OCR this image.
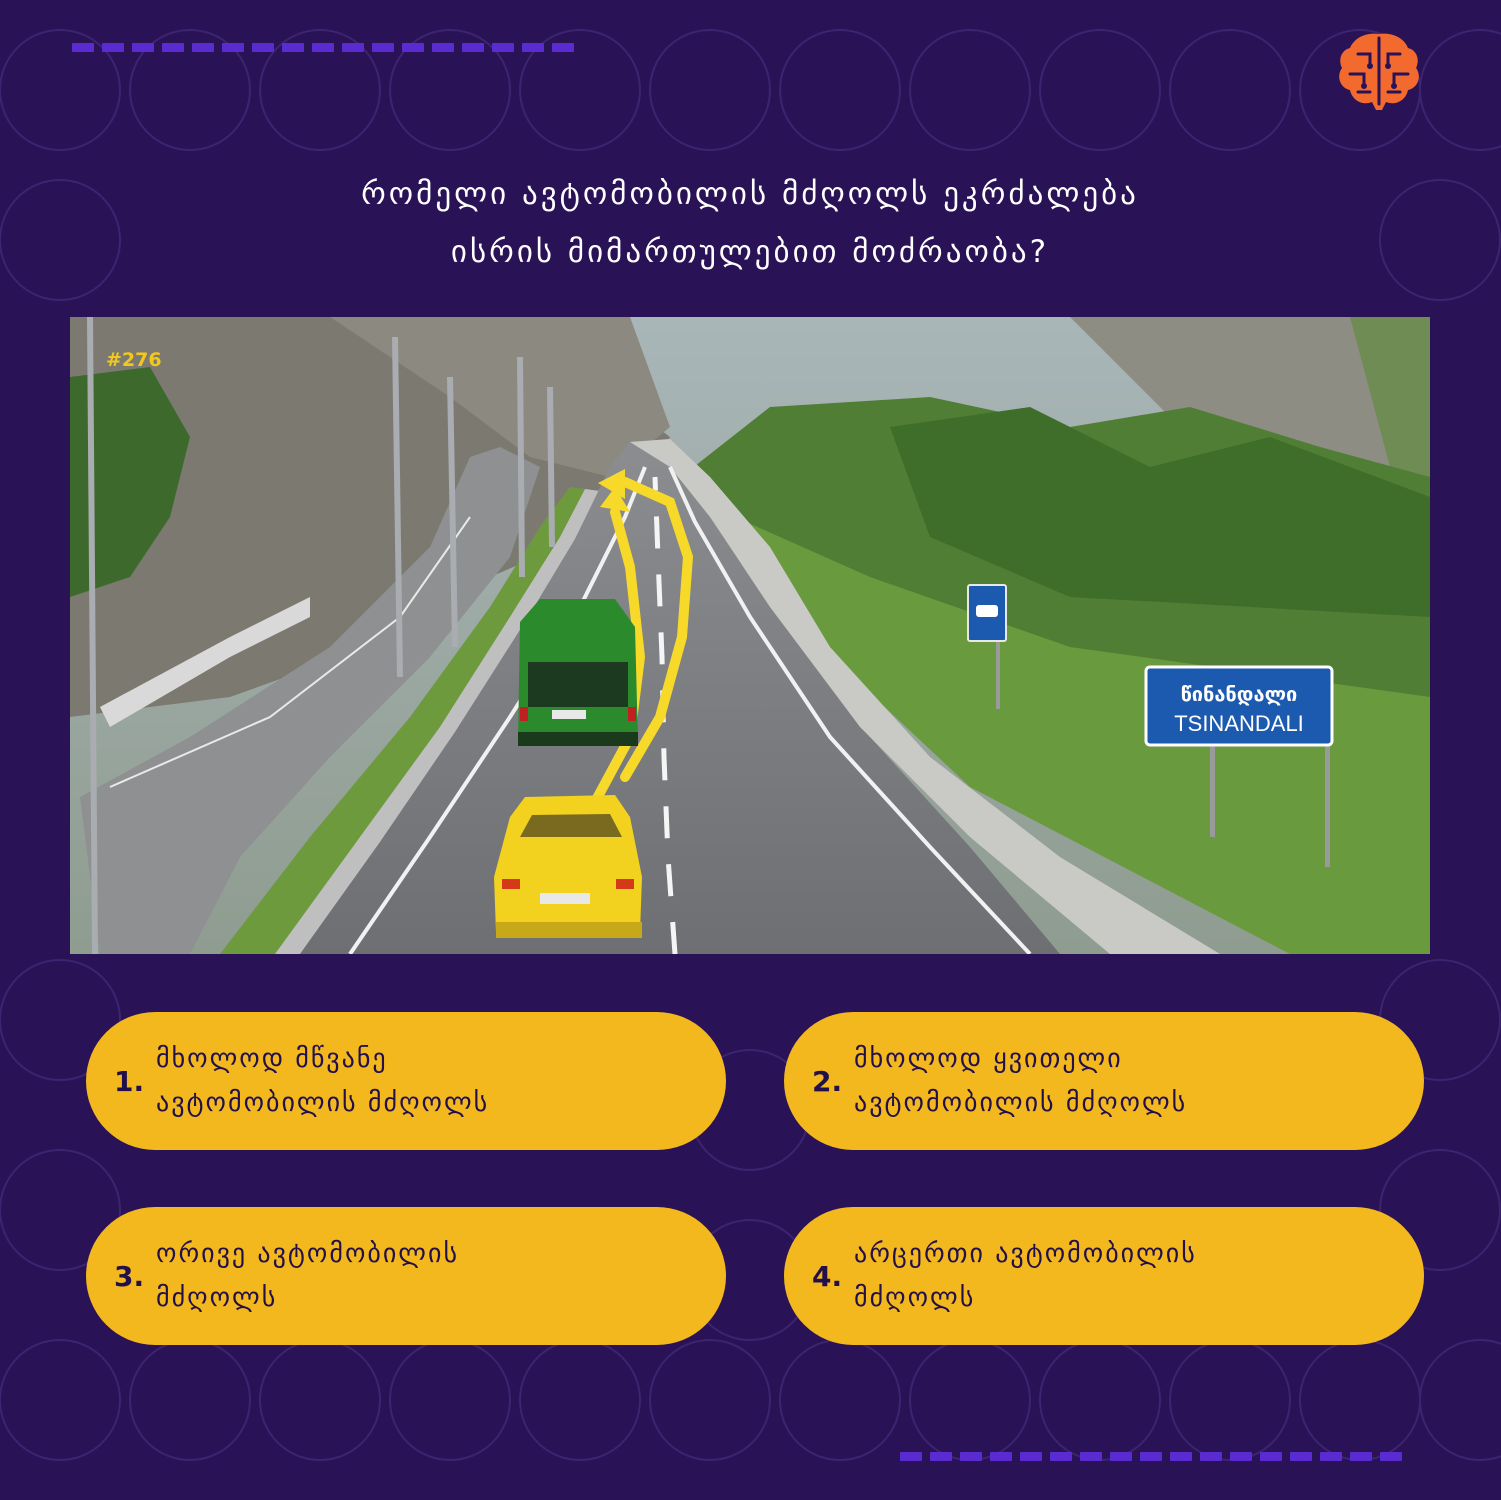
რომელი ავტომობილის მძღოლს ეკრძალება
ისრის მიმართულებით მოძრაობა?
წინანდალი
TSINANDALI
#276
1.
მხოლოდ მწვანე
ავტომობილის მძღოლს
2.
მხოლოდ ყვითელი
ავტომობილის მძღოლს
3.
ორივე ავტომობილის
მძღოლს
4.
არცერთი ავტომობილის
მძღოლს
